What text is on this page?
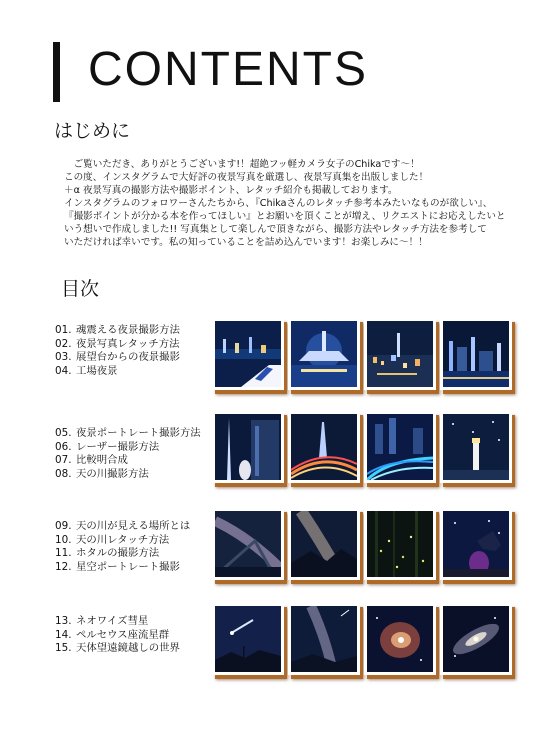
CONTENTS
はじめに

　ご覧いただき、ありがとうございます!！超絶フッ軽カメラ女子のChikaです〜！

この度、インスタグラムで大好評の夜景写真を厳選し、夜景写真集を出版しました！

＋α 夜景写真の撮影方法や撮影ポイント、レタッチ紹介も掲載しております。

インスタグラムのフォロワーさんたちから、『Chikaさんのレタッチ参考本みたいなものが欲しい』、

『撮影ポイントが分かる本を作ってほしい』とお願いを頂くことが増え、リクエストにお応えしたいと

いう想いで作成しました!! 写真集として楽しんで頂きながら、撮影方法やレタッチ方法を参考して

いただければ幸いです。私の知っていることを詰め込んでいます！お楽しみに〜！！

目次
01. 魂震える夜景撮影方法
02. 夜景写真レタッチ方法
03. 展望台からの夜景撮影
04. 工場夜景
05. 夜景ポートレート撮影方法
06. レーザー撮影方法
07. 比較明合成
08. 天の川撮影方法
09. 天の川が見える場所とは
10. 天の川レタッチ方法
11. ホタルの撮影方法
12. 星空ポートレート撮影
13. ネオワイズ彗星
14. ペルセウス座流星群
15. 天体望遠鏡越しの世界
